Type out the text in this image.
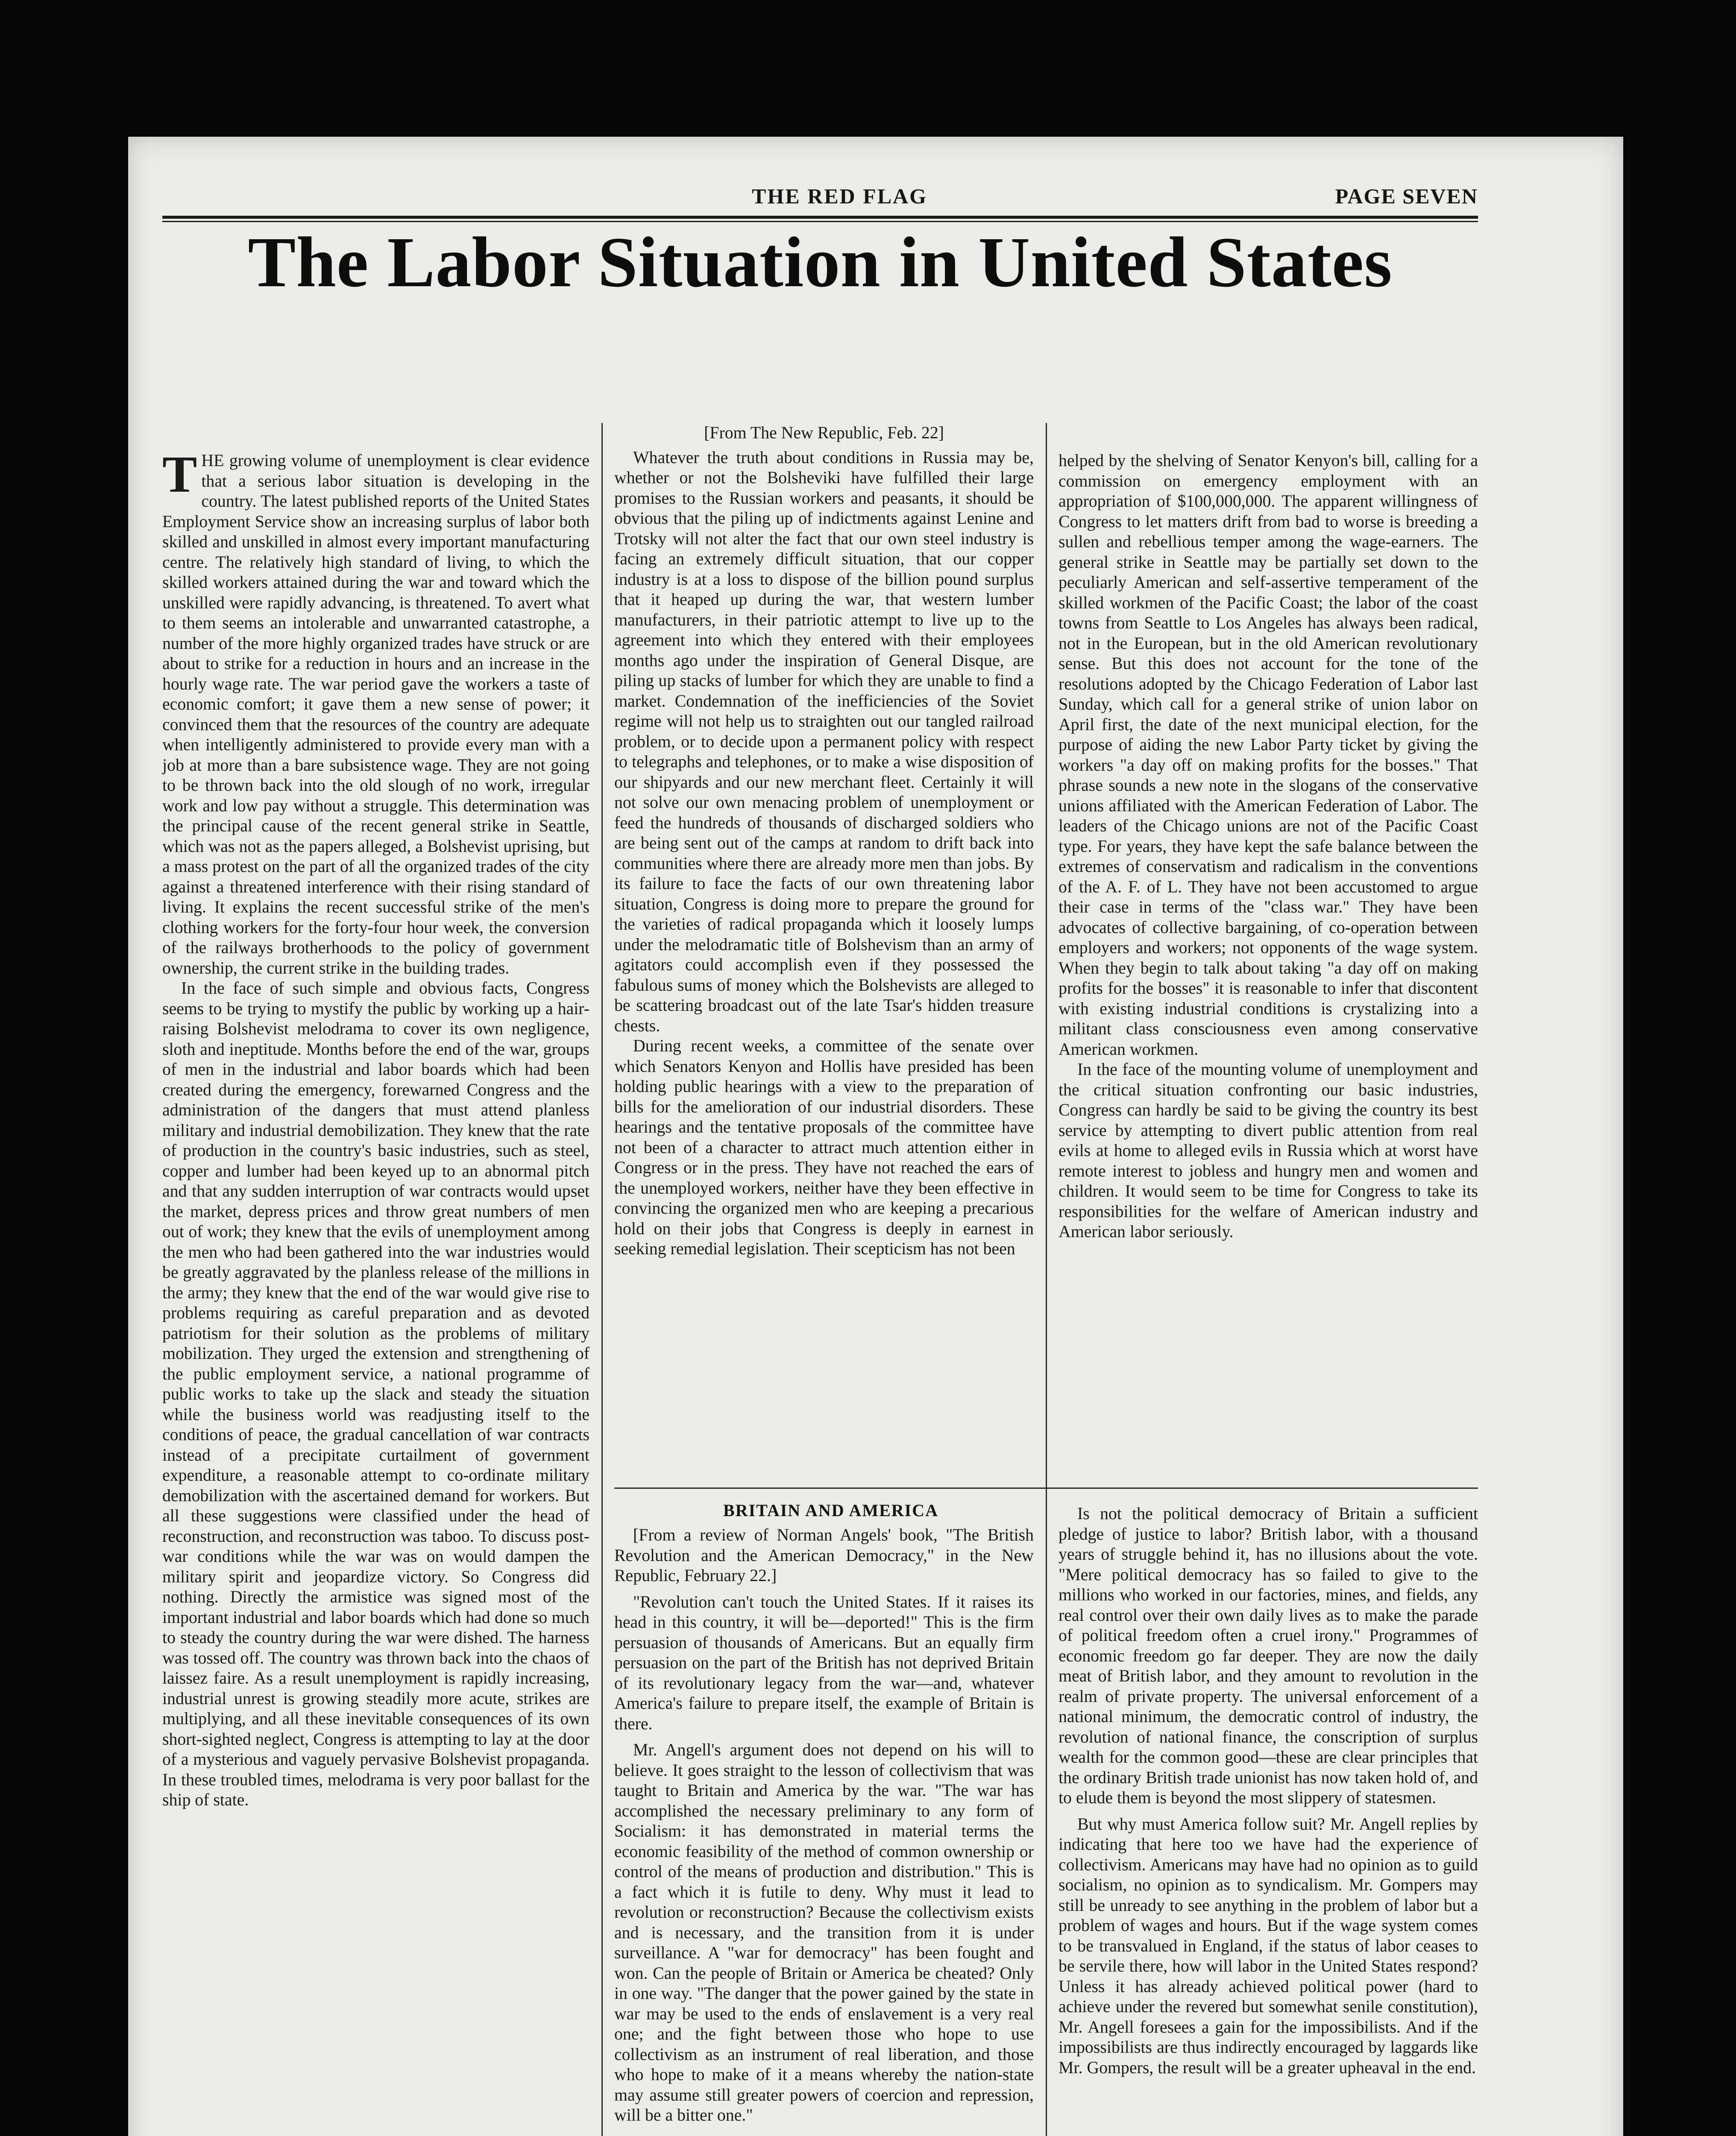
THE RED FLAG	PAGE SEVEN
The Labor Situation in United States

THE growing volume of unemployment is clear evidence that a serious labor situation is developing in the country. The latest published reports of the United States Employment Service show an increasing surplus of labor both skilled and unskilled in almost every important manufacturing centre. The relatively high standard of living, to which the skilled workers attained during the war and toward which the unskilled were rapidly advancing, is threatened. To avert what to them seems an intolerable and unwarranted catastrophe, a number of the more highly organized trades have struck or are about to strike for a reduction in hours and an increase in the hourly wage rate. The war period gave the workers a taste of economic comfort; it gave them a new sense of power; it convinced them that the resources of the country are adequate when intelligently administered to provide every man with a job at more than a bare subsistence wage. They are not going to be thrown back into the old slough of no work, irregular work and low pay without a struggle. This determination was the principal cause of the recent general strike in Seattle, which was not as the papers alleged, a Bolshevist uprising, but a mass protest on the part of all the organized trades of the city against a threatened interference with their rising standard of living. It explains the recent successful strike of the men's clothing workers for the forty-four hour week, the conversion of the railways brotherhoods to the policy of government ownership, the current strike in the building trades.

In the face of such simple and obvious facts, Congress seems to be trying to mystify the public by working up a hair-raising Bolshevist melodrama to cover its own negligence, sloth and ineptitude. Months before the end of the war, groups of men in the industrial and labor boards which had been created during the emergency, forewarned Congress and the administration of the dangers that must attend planless military and industrial demobilization. They knew that the rate of production in the country's basic industries, such as steel, copper and lumber had been keyed up to an abnormal pitch and that any sudden interruption of war contracts would upset the market, depress prices and throw great numbers of men out of work; they knew that the evils of unemployment among the men who had been gathered into the war industries would be greatly aggravated by the planless release of the millions in the army; they knew that the end of the war would give rise to problems requiring as careful preparation and as devoted patriotism for their solution as the problems of military mobilization. They urged the extension and strengthening of the public employment service, a national programme of public works to take up the slack and steady the situation while the business world was readjusting itself to the conditions of peace, the gradual cancellation of war contracts instead of a precipitate curtailment of government expenditure, a reasonable attempt to co-ordinate military demobilization with the ascertained demand for workers. But all these suggestions were classified under the head of reconstruction, and reconstruction was taboo. To discuss post-war conditions while the war was on would dampen the military spirit and jeopardize victory. So Congress did nothing. Directly the armistice was signed most of the important industrial and labor boards which had done so much to steady the country during the war were dished. The harness was tossed off. The country was thrown back into the chaos of laissez faire. As a result unemployment is rapidly increasing, industrial unrest is growing steadily more acute, strikes are multiplying, and all these inevitable consequences of its own short-sighted neglect, Congress is attempting to lay at the door of a mysterious and vaguely pervasive Bolshevist propaganda. In these troubled times, melodrama is very poor ballast for the ship of state.

[From The New Republic, Feb. 22]

Whatever the truth about conditions in Russia may be, whether or not the Bolsheviki have fulfilled their large promises to the Russian workers and peasants, it should be obvious that the piling up of indictments against Lenine and Trotsky will not alter the fact that our own steel industry is facing an extremely difficult situation, that our copper industry is at a loss to dispose of the billion pound surplus that it heaped up during the war, that western lumber manufacturers, in their patriotic attempt to live up to the agreement into which they entered with their employees months ago under the inspiration of General Disque, are piling up stacks of lumber for which they are unable to find a market. Condemnation of the inefficiencies of the Soviet regime will not help us to straighten out our tangled railroad problem, or to decide upon a permanent policy with respect to telegraphs and telephones, or to make a wise disposition of our shipyards and our new merchant fleet. Certainly it will not solve our own menacing problem of unemployment or feed the hundreds of thousands of discharged soldiers who are being sent out of the camps at random to drift back into communities where there are already more men than jobs. By its failure to face the facts of our own threatening labor situation, Congress is doing more to prepare the ground for the varieties of radical propaganda which it loosely lumps under the melodramatic title of Bolshevism than an army of agitators could accomplish even if they possessed the fabulous sums of money which the Bolshevists are alleged to be scattering broadcast out of the late Tsar's hidden treasure chests.

During recent weeks, a committee of the senate over which Senators Kenyon and Hollis have presided has been holding public hearings with a view to the preparation of bills for the amelioration of our industrial disorders. These hearings and the tentative proposals of the committee have not been of a character to attract much attention either in Congress or in the press. They have not reached the ears of the unemployed workers, neither have they been effective in convincing the organized men who are keeping a precarious hold on their jobs that Congress is deeply in earnest in seeking remedial legislation. Their scepticism has not been

helped by the shelving of Senator Kenyon's bill, calling for a commission on emergency employment with an appropriation of $100,000,000. The apparent willingness of Congress to let matters drift from bad to worse is breeding a sullen and rebellious temper among the wage-earners. The general strike in Seattle may be partially set down to the peculiarly American and self-assertive temperament of the skilled workmen of the Pacific Coast; the labor of the coast towns from Seattle to Los Angeles has always been radical, not in the European, but in the old American revolutionary sense. But this does not account for the tone of the resolutions adopted by the Chicago Federation of Labor last Sunday, which call for a general strike of union labor on April first, the date of the next municipal election, for the purpose of aiding the new Labor Party ticket by giving the workers "a day off on making profits for the bosses." That phrase sounds a new note in the slogans of the conservative unions affiliated with the American Federation of Labor. The leaders of the Chicago unions are not of the Pacific Coast type. For years, they have kept the safe balance between the extremes of conservatism and radicalism in the conventions of the A. F. of L. They have not been accustomed to argue their case in terms of the "class war." They have been advocates of collective bargaining, of co-operation between employers and workers; not opponents of the wage system. When they begin to talk about taking "a day off on making profits for the bosses" it is reasonable to infer that discontent with existing industrial conditions is crystalizing into a militant class consciousness even among conservative American workmen.

In the face of the mounting volume of unemployment and the critical situation confronting our basic industries, Congress can hardly be said to be giving the country its best service by attempting to divert public attention from real evils at home to alleged evils in Russia which at worst have remote interest to jobless and hungry men and women and children. It would seem to be time for Congress to take its responsibilities for the welfare of American industry and American labor seriously.

BRITAIN AND AMERICA

[From a review of Norman Angels' book, "The British Revolution and the American Democracy," in the New Republic, February 22.]

"Revolution can't touch the United States. If it raises its head in this country, it will be—deported!" This is the firm persuasion of thousands of Americans. But an equally firm persuasion on the part of the British has not deprived Britain of its revolutionary legacy from the war—and, whatever America's failure to prepare itself, the example of Britain is there.

Mr. Angell's argument does not depend on his will to believe. It goes straight to the lesson of collectivism that was taught to Britain and America by the war. "The war has accomplished the necessary preliminary to any form of Socialism: it has demonstrated in material terms the economic feasibility of the method of common ownership or control of the means of production and distribution." This is a fact which it is futile to deny. Why must it lead to revolution or reconstruction? Because the collectivism exists and is necessary, and the transition from it is under surveillance. A "war for democracy" has been fought and won. Can the people of Britain or America be cheated? Only in one way. "The danger that the power gained by the state in war may be used to the ends of enslavement is a very real one; and the fight between those who hope to use collectivism as an instrument of real liberation, and those who hope to make of it a means whereby the nation-state may assume still greater powers of coercion and repression, will be a bitter one."

Is not the political democracy of Britain a sufficient pledge of justice to labor? British labor, with a thousand years of struggle behind it, has no illusions about the vote. "Mere political democracy has so failed to give to the millions who worked in our factories, mines, and fields, any real control over their own daily lives as to make the parade of political freedom often a cruel irony." Programmes of economic freedom go far deeper. They are now the daily meat of British labor, and they amount to revolution in the realm of private property. The universal enforcement of a national minimum, the democratic control of industry, the revolution of national finance, the conscription of surplus wealth for the common good—these are clear principles that the ordinary British trade unionist has now taken hold of, and to elude them is beyond the most slippery of statesmen.

But why must America follow suit? Mr. Angell replies by indicating that here too we have had the experience of collectivism. Americans may have had no opinion as to guild socialism, no opinion as to syndicalism. Mr. Gompers may still be unready to see anything in the problem of labor but a problem of wages and hours. But if the wage system comes to be transvalued in England, if the status of labor ceases to be servile there, how will labor in the United States respond? Unless it has already achieved political power (hard to achieve under the revered but somewhat senile constitution), Mr. Angell foresees a gain for the impossibilists. And if the impossibilists are thus indirectly encouraged by laggards like Mr. Gompers, the result will be a greater upheaval in the end.
